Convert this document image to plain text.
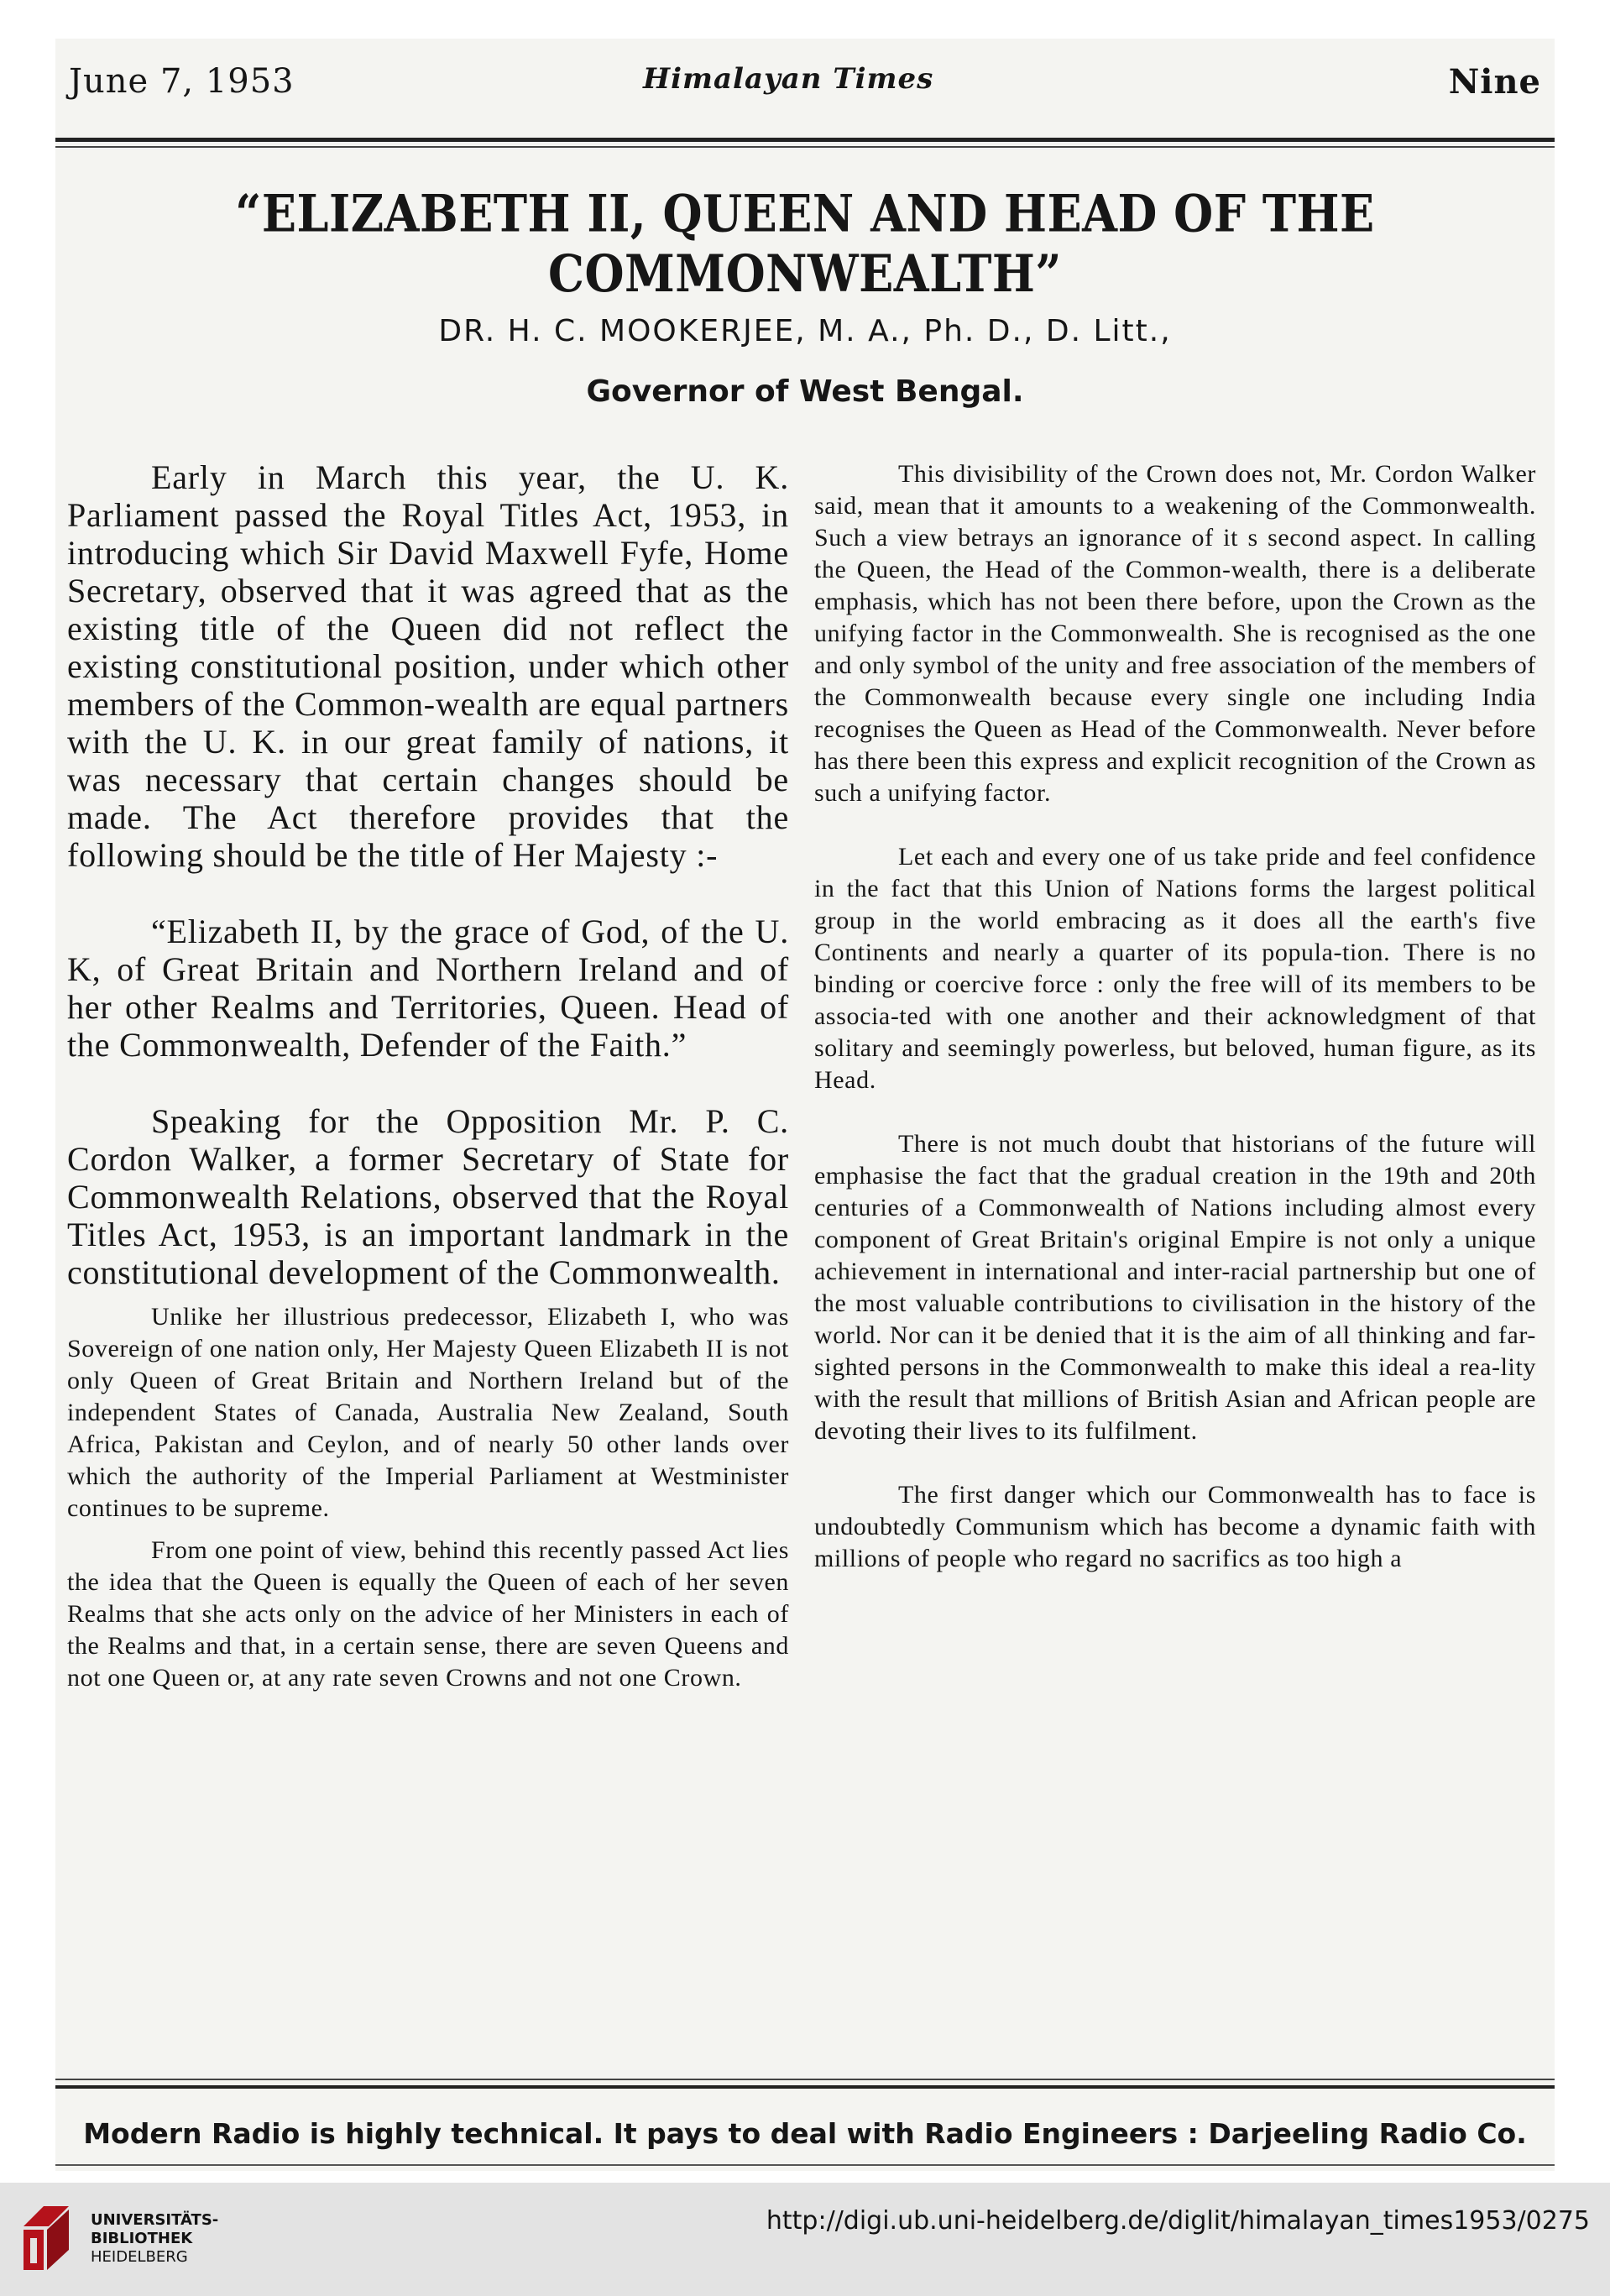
June 7, 1953	Himalayan Times	Nine
“ELIZABETH II, QUEEN AND HEAD OF THE COMMONWEALTH”
DR. H. C. MOOKERJEE, M. A., Ph. D., D. Litt.,
Governor of West Bengal.

Early in March this year, the U. K. Parliament passed the Royal Titles Act, 1953, in introducing which Sir David Maxwell Fyfe, Home Secretary, observed that it was agreed that as the existing title of the Queen did not reflect the existing constitutional position, under which other members of the Common-wealth are equal partners with the U. K. in our great family of nations, it was necessary that certain changes should be made. The Act therefore provides that the following should be the title of Her Majesty :-

“Elizabeth II, by the grace of God, of the U. K, of Great Britain and Northern Ireland and of her other Realms and Territories, Queen. Head of the Commonwealth, Defender of the Faith.”

Speaking for the Opposition Mr. P. C. Cordon Walker, a former Secretary of State for Commonwealth Relations, observed that the Royal Titles Act, 1953, is an important landmark in the constitutional development of the Commonwealth.

Unlike her illustrious predecessor, Elizabeth I, who was Sovereign of one nation only, Her Majesty Queen Elizabeth II is not only Queen of Great Britain and Northern Ireland but of the independent States of Canada, Australia New Zealand, South Africa, Pakistan and Ceylon, and of nearly 50 other lands over which the authority of the Imperial Parliament at Westminister continues to be supreme.

From one point of view, behind this recently passed Act lies the idea that the Queen is equally the Queen of each of her seven Realms that she acts only on the advice of her Ministers in each of the Realms and that, in a certain sense, there are seven Queens and not one Queen or, at any rate seven Crowns and not one Crown.

This divisibility of the Crown does not, Mr. Cordon Walker said, mean that it amounts to a weakening of the Commonwealth. Such a view betrays an ignorance of it s second aspect. In calling the Queen, the Head of the Common-wealth, there is a deliberate emphasis, which has not been there before, upon the Crown as the unifying factor in the Commonwealth. She is recognised as the one and only symbol of the unity and free association of the members of the Commonwealth because every single one including India recognises the Queen as Head of the Commonwealth. Never before has there been this express and explicit recognition of the Crown as such a unifying factor.

Let each and every one of us take pride and feel confidence in the fact that this Union of Nations forms the largest political group in the world embracing as it does all the earth's five Continents and nearly a quarter of its popula-tion. There is no binding or coercive force : only the free will of its members to be associa-ted with one another and their acknowledgment of that solitary and seemingly powerless, but beloved, human figure, as its Head.

There is not much doubt that historians of the future will emphasise the fact that the gradual creation in the 19th and 20th centuries of a Commonwealth of Nations including almost every component of Great Britain's original Empire is not only a unique achievement in international and inter-racial partnership but one of the most valuable contributions to civilisation in the history of the world. Nor can it be denied that it is the aim of all thinking and far-sighted persons in the Commonwealth to make this ideal a rea-lity with the result that millions of British Asian and African people are devoting their lives to its fulfilment.

The first danger which our Commonwealth has to face is undoubtedly Communism which has become a dynamic faith with millions of people who regard no sacrifics as too high a

Modern Radio is highly technical. It pays to deal with Radio Engineers : Darjeeling Radio Co.
UNIVERSITÄTS-
BIBLIOTHEK
HEIDELBERG
http://digi.ub.uni-heidelberg.de/diglit/himalayan_times1953/0275
